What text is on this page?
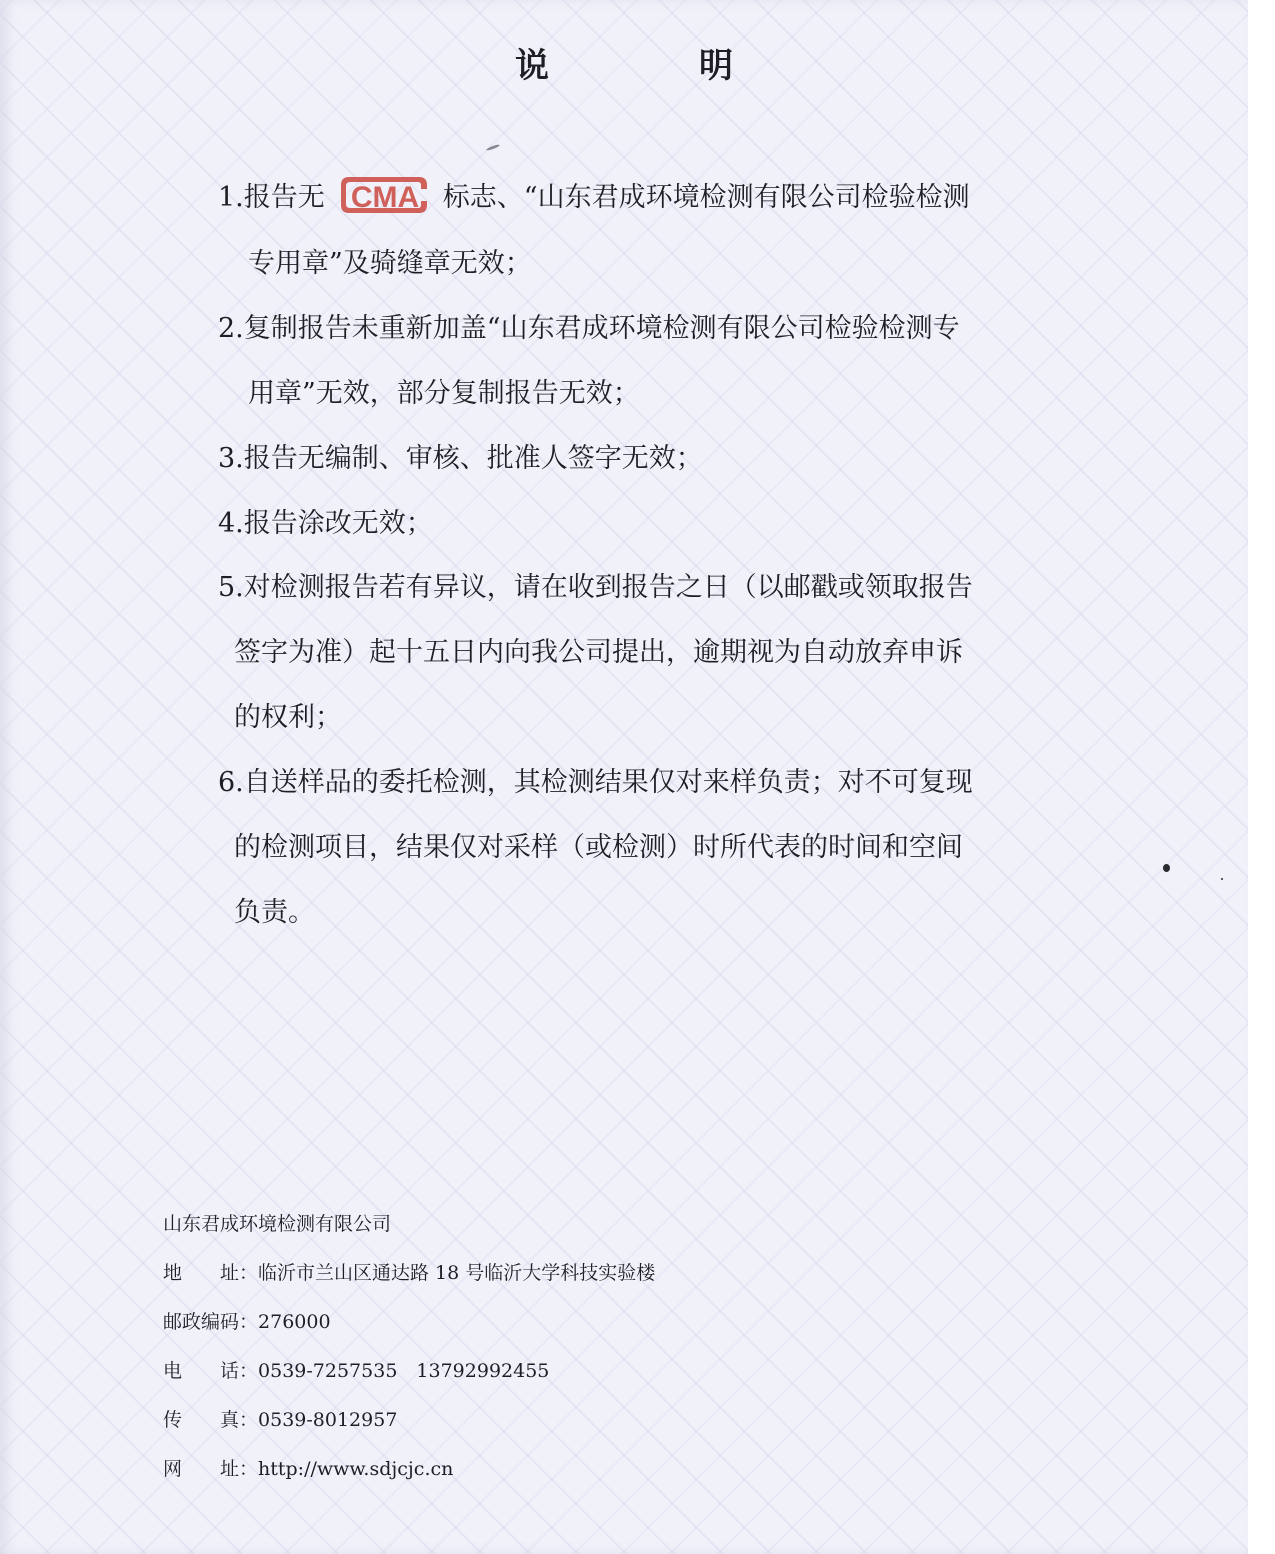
说	明
1.报告无 CMA 标志、“山东君成环境检测有限公司检验检测
专用章”及骑缝章无效；
2.复制报告未重新加盖“山东君成环境检测有限公司检验检测专
用章”无效，部分复制报告无效；
3.报告无编制、审核、批准人签字无效；
4.报告涂改无效；
5.对检测报告若有异议，请在收到报告之日（以邮戳或领取报告
签字为准）起十五日内向我公司提出，逾期视为自动放弃申诉
的权利；
6.自送样品的委托检测，其检测结果仅对来样负责；对不可复现
的检测项目，结果仅对采样（或检测）时所代表的时间和空间
负责。
山东君成环境检测有限公司
地　　址：临沂市兰山区通达路 18 号临沂大学科技实验楼
邮政编码：276000
电　　话：0539-7257535　13792992455
传　　真：0539-8012957
网　　址：http://www.sdjcjc.cn
